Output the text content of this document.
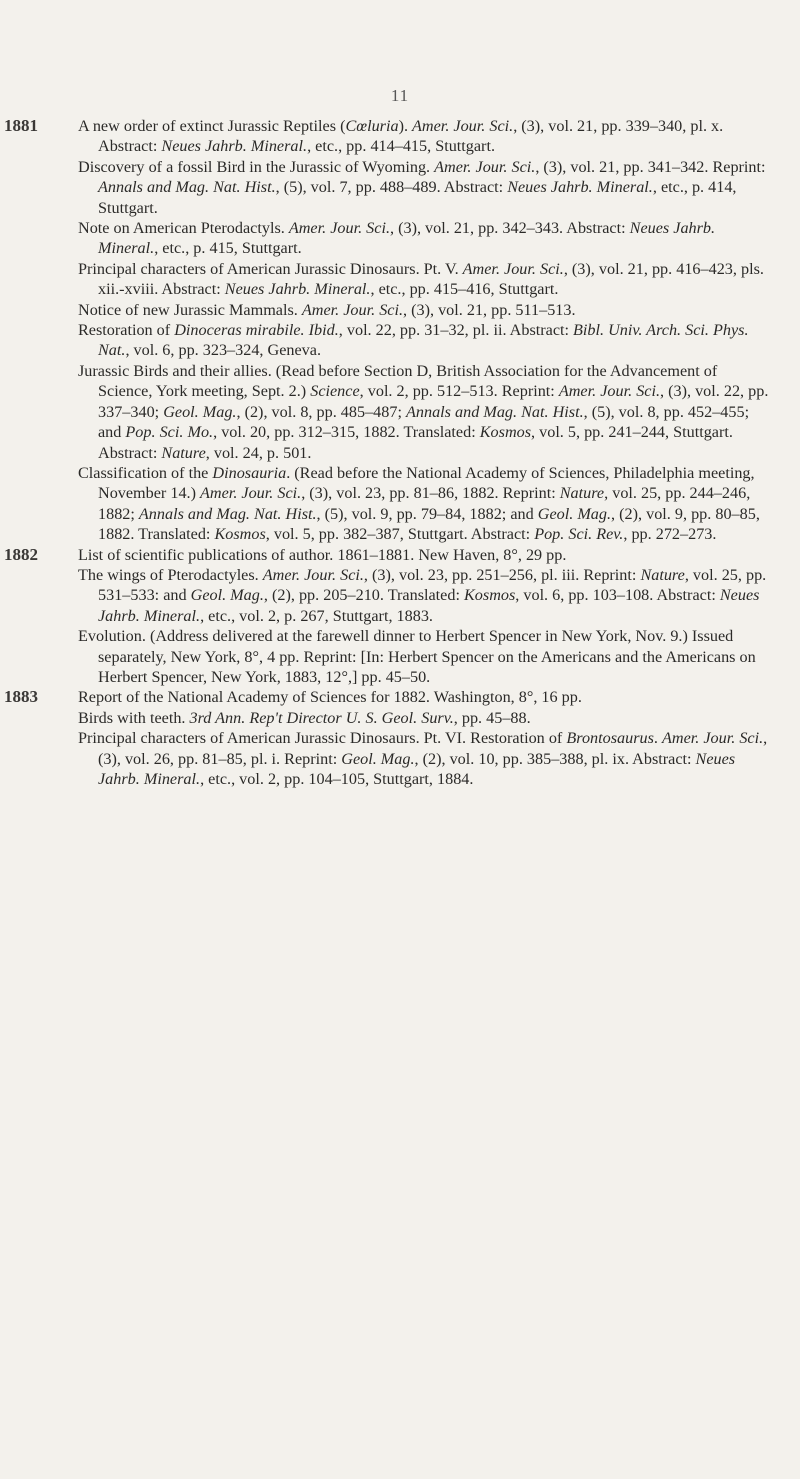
11

1881 A new order of extinct Jurassic Reptiles (Cœluria). Amer. Jour. Sci., (3), vol. 21, pp. 339–340, pl. x. Abstract: Neues Jahrb. Mineral., etc., pp. 414–415, Stuttgart.

Discovery of a fossil Bird in the Jurassic of Wyoming. Amer. Jour. Sci., (3), vol. 21, pp. 341–342. Reprint: Annals and Mag. Nat. Hist., (5), vol. 7, pp. 488–489. Abstract: Neues Jahrb. Mineral., etc., p. 414, Stuttgart.

Note on American Pterodactyls. Amer. Jour. Sci., (3), vol. 21, pp. 342–343. Abstract: Neues Jahrb. Mineral., etc., p. 415, Stuttgart.

Principal characters of American Jurassic Dinosaurs. Pt. V. Amer. Jour. Sci., (3), vol. 21, pp. 416–423, pls. xii.-xviii. Abstract: Neues Jahrb. Mineral., etc., pp. 415–416, Stuttgart.

Notice of new Jurassic Mammals. Amer. Jour. Sci., (3), vol. 21, pp. 511–513.

Restoration of Dinoceras mirabile. Ibid., vol. 22, pp. 31–32, pl. ii. Abstract: Bibl. Univ. Arch. Sci. Phys. Nat., vol. 6, pp. 323–324, Geneva.

Jurassic Birds and their allies. (Read before Section D, British Association for the Advancement of Science, York meeting, Sept. 2.) Science, vol. 2, pp. 512–513. Reprint: Amer. Jour. Sci., (3), vol. 22, pp. 337–340; Geol. Mag., (2), vol. 8, pp. 485–487; Annals and Mag. Nat. Hist., (5), vol. 8, pp. 452–455; and Pop. Sci. Mo., vol. 20, pp. 312–315, 1882. Translated: Kosmos, vol. 5, pp. 241–244, Stuttgart. Abstract: Nature, vol. 24, p. 501.

Classification of the Dinosauria. (Read before the National Academy of Sciences, Philadelphia meeting, November 14.) Amer. Jour. Sci., (3), vol. 23, pp. 81–86, 1882. Reprint: Nature, vol. 25, pp. 244–246, 1882; Annals and Mag. Nat. Hist., (5), vol. 9, pp. 79–84, 1882; and Geol. Mag., (2), vol. 9, pp. 80–85, 1882. Translated: Kosmos, vol. 5, pp. 382–387, Stuttgart. Abstract: Pop. Sci. Rev., pp. 272–273.

1882 List of scientific publications of author. 1861–1881. New Haven, 8°, 29 pp.

The wings of Pterodactyles. Amer. Jour. Sci., (3), vol. 23, pp. 251–256, pl. iii. Reprint: Nature, vol. 25, pp. 531–533: and Geol. Mag., (2), pp. 205–210. Translated: Kosmos, vol. 6, pp. 103–108. Abstract: Neues Jahrb. Mineral., etc., vol. 2, p. 267, Stuttgart, 1883.

Evolution. (Address delivered at the farewell dinner to Herbert Spencer in New York, Nov. 9.) Issued separately, New York, 8°, 4 pp. Reprint: [In: Herbert Spencer on the Americans and the Americans on Herbert Spencer, New York, 1883, 12°,] pp. 45–50.

1883 Report of the National Academy of Sciences for 1882. Washington, 8°, 16 pp.

Birds with teeth. 3rd Ann. Rep't Director U. S. Geol. Surv., pp. 45–88.

Principal characters of American Jurassic Dinosaurs. Pt. VI. Restoration of Brontosaurus. Amer. Jour. Sci., (3), vol. 26, pp. 81–85, pl. i. Reprint: Geol. Mag., (2), vol. 10, pp. 385–388, pl. ix. Abstract: Neues Jahrb. Mineral., etc., vol. 2, pp. 104–105, Stuttgart, 1884.
